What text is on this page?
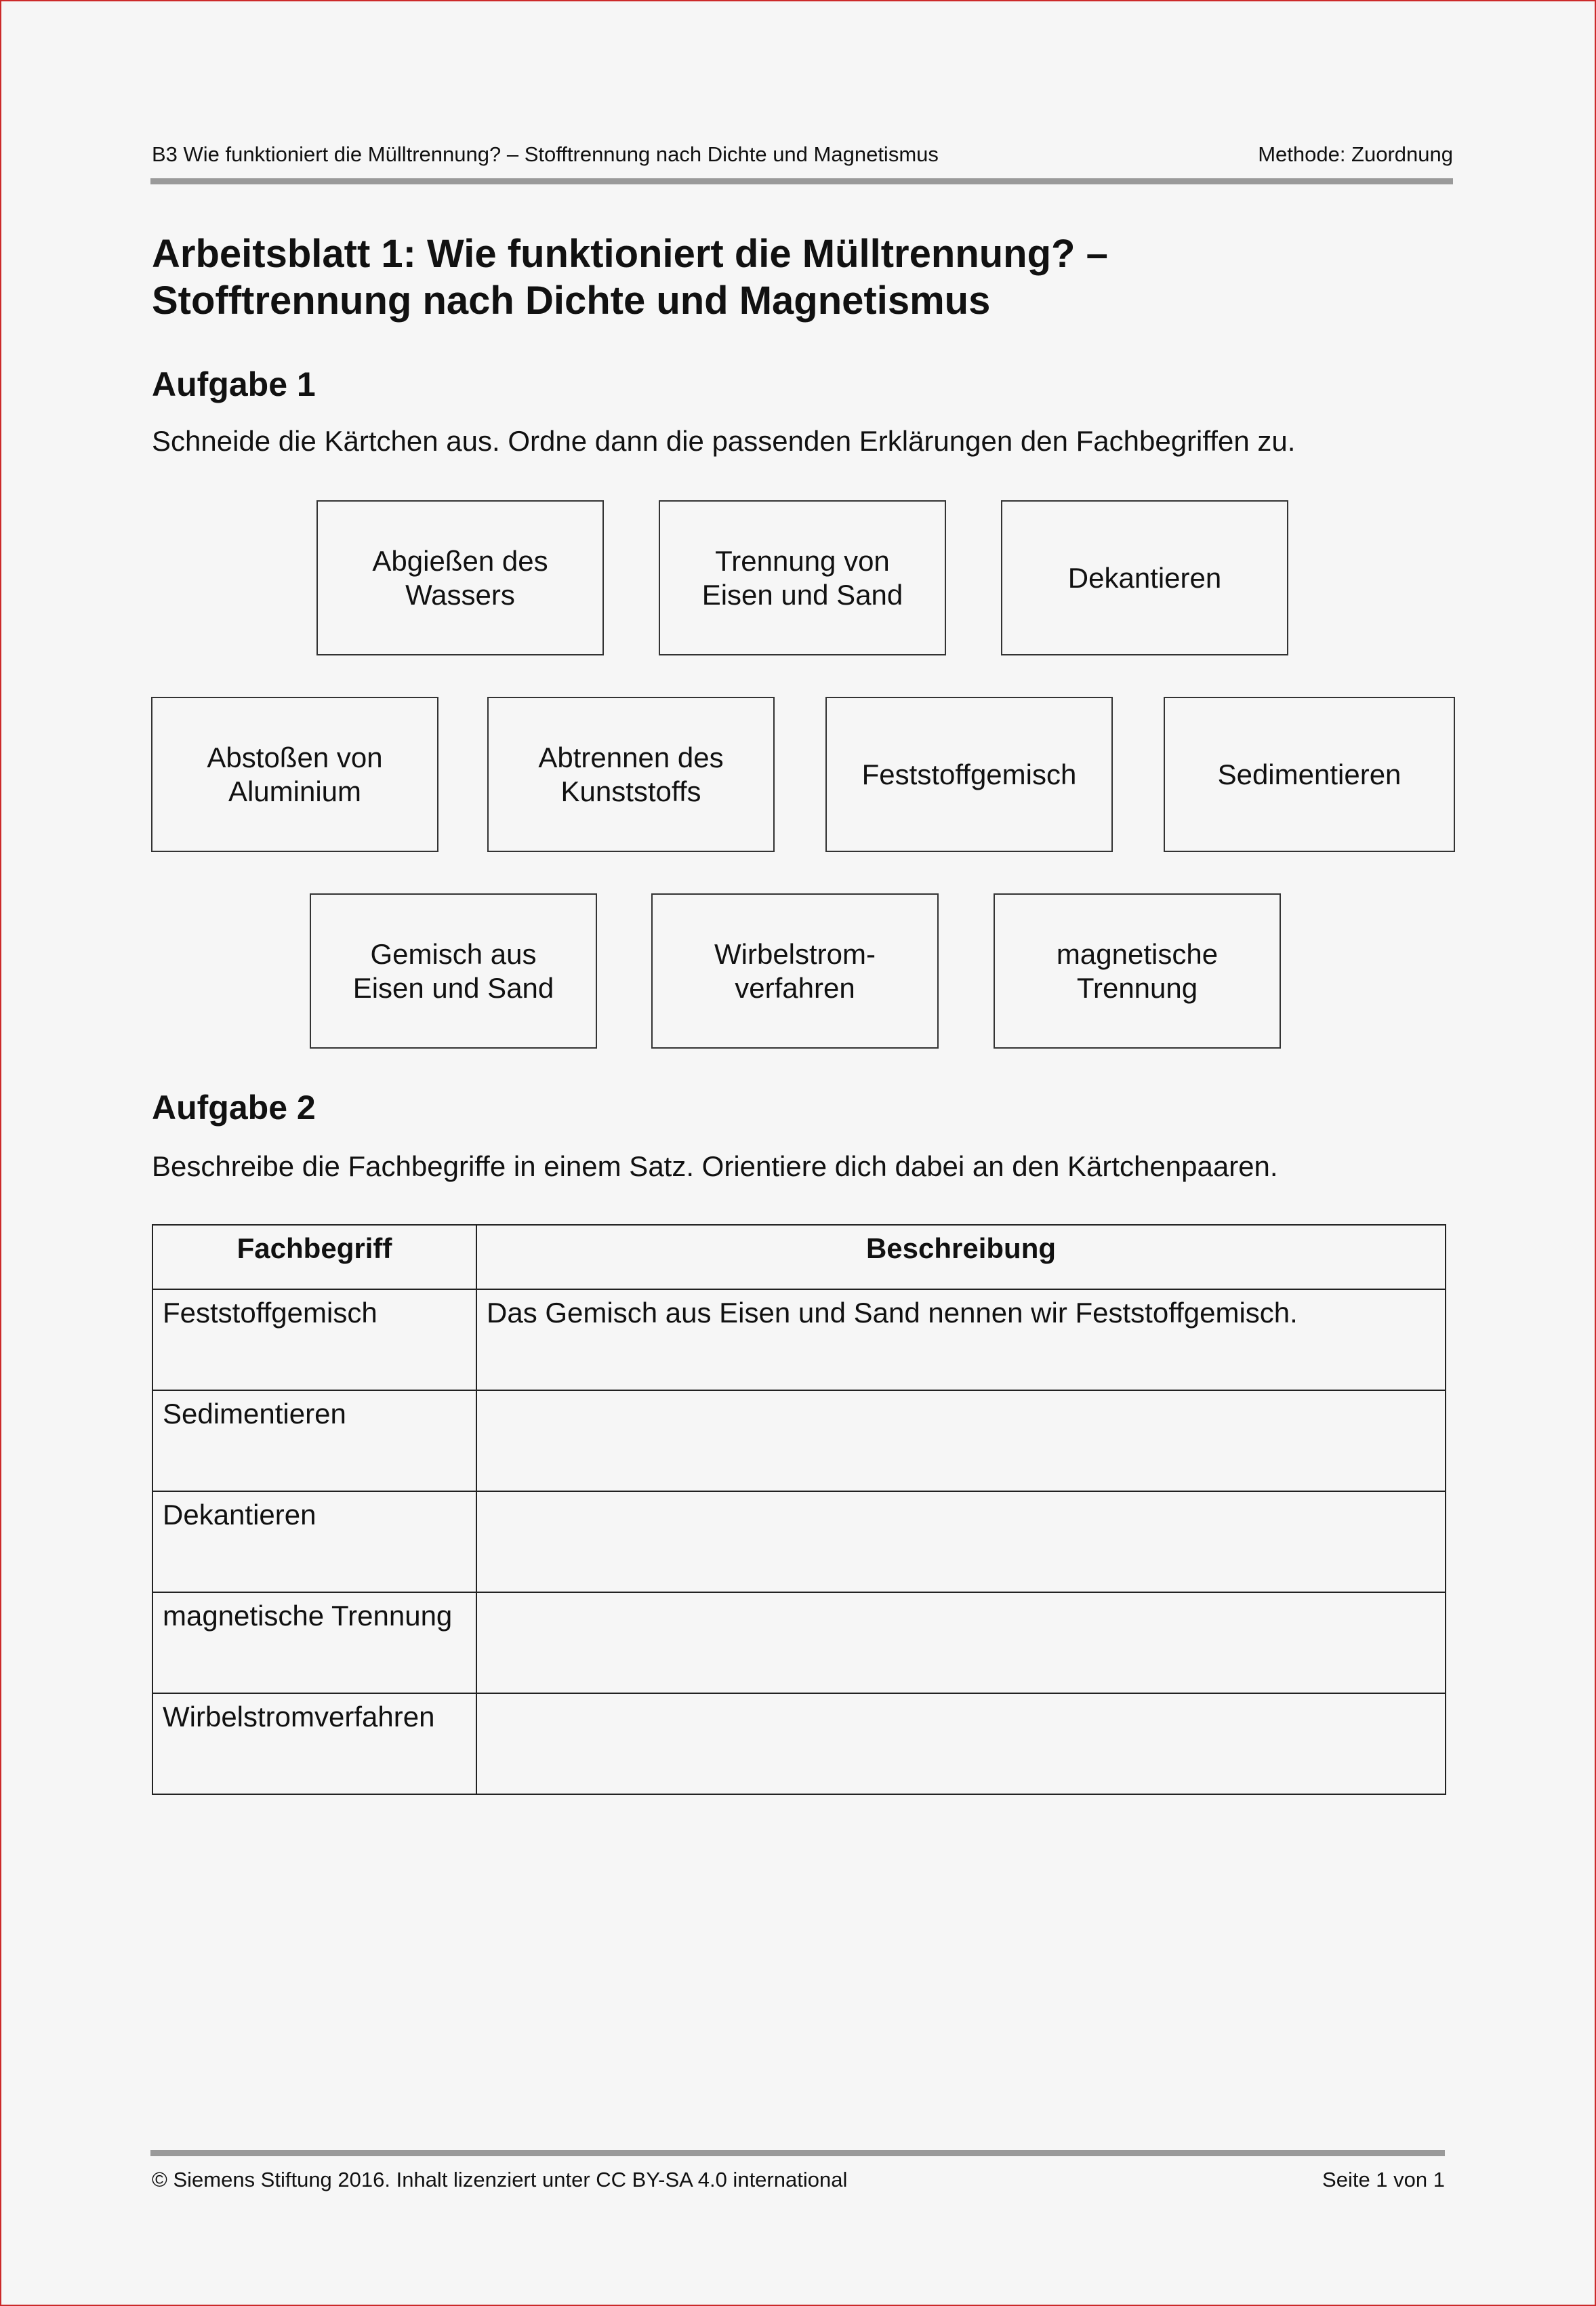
B3 Wie funktioniert die Mülltrennung? – Stofftrennung nach Dichte und Magnetismus	Methode: Zuordnung
Arbeitsblatt 1: Wie funktioniert die Mülltrennung? –
Stofftrennung nach Dichte und Magnetismus
Aufgabe 1

Schneide die Kärtchen aus. Ordne dann die passenden Erklärungen den Fachbegriffen zu.

Abgießen des
Wassers
Trennung von
Eisen und Sand
Dekantieren
Abstoßen von
Aluminium
Abtrennen des
Kunststoffs
Feststoffgemisch	Sedimentieren
Gemisch aus
Eisen und Sand
Wirbelstrom-
verfahren
magnetische
Trennung
Aufgabe 2

Beschreibe die Fachbegriffe in einem Satz. Orientiere dich dabei an den Kärtchenpaaren.

Fachbegriff	Beschreibung
Feststoffgemisch	Das Gemisch aus Eisen und Sand nennen wir Feststoffgemisch.
Sedimentieren	
Dekantieren	
magnetische Trennung	
Wirbelstromverfahren	
© Siemens Stiftung 2016. Inhalt lizenziert unter CC BY-SA 4.0 international	Seite 1 von 1
